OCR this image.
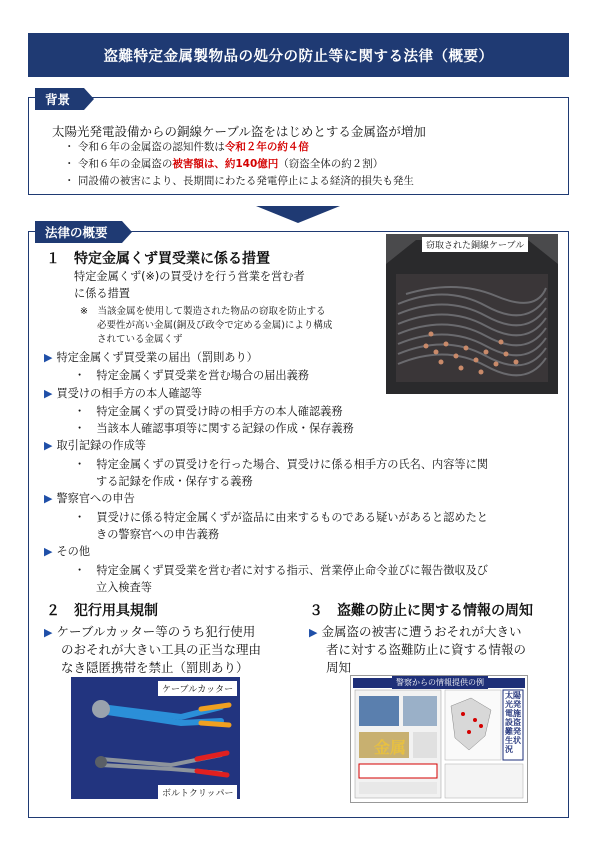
盗難特定金属製物品の処分の防止等に関する法律（概要）
背景
太陽光発電設備からの銅線ケーブル盗をはじめとする金属盗が増加
・ 令和６年の金属盗の認知件数は令和２年の約４倍
・ 令和６年の金属盗の被害額は、約140億円（窃盗全体の約２割）
・ 同設備の被害により、長期間にわたる発電停止による経済的損失も発生
法律の概要
１　特定金属くず買受業に係る措置
特定金属くず(※)の買受けを行う営業を営む者
に係る措置
※　当該金属を使用して製造された物品の窃取を防止する
必要性が高い金属(銅及び政令で定める金属)により構成
されている金属くず
窃取された銅線ケーブル
▶ 特定金属くず買受業の届出（罰則あり）
・　特定金属くず買受業を営む場合の届出義務
▶ 買受けの相手方の本人確認等
・　特定金属くずの買受け時の相手方の本人確認義務
・　当該本人確認事項等に関する記録の作成・保存義務
▶ 取引記録の作成等
・　特定金属くずの買受けを行った場合、買受けに係る相手方の氏名、内容等に関
する記録を作成・保存する義務
▶ 警察官への申告
・　買受けに係る特定金属くずが盗品に由来するものである疑いがあると認めたと
きの警察官への申告義務
▶ その他
・　特定金属くず買受業を営む者に対する指示、営業停止命令並びに報告徴収及び
立入検査等
２　犯行用具規制
▶ ケーブルカッター等のうち犯行使用
のおそれが大きい工具の正当な理由
なき隠匿携帯を禁止（罰則あり）
ケーブルカッター
ボルトクリッパー
３　盗難の防止に関する情報の周知
▶ 金属盗の被害に遭うおそれが大きい
者に対する盗難防止に資する情報の
周知
警察からの情報提供の例
金属
太陽光発電施設盗難発生状況
